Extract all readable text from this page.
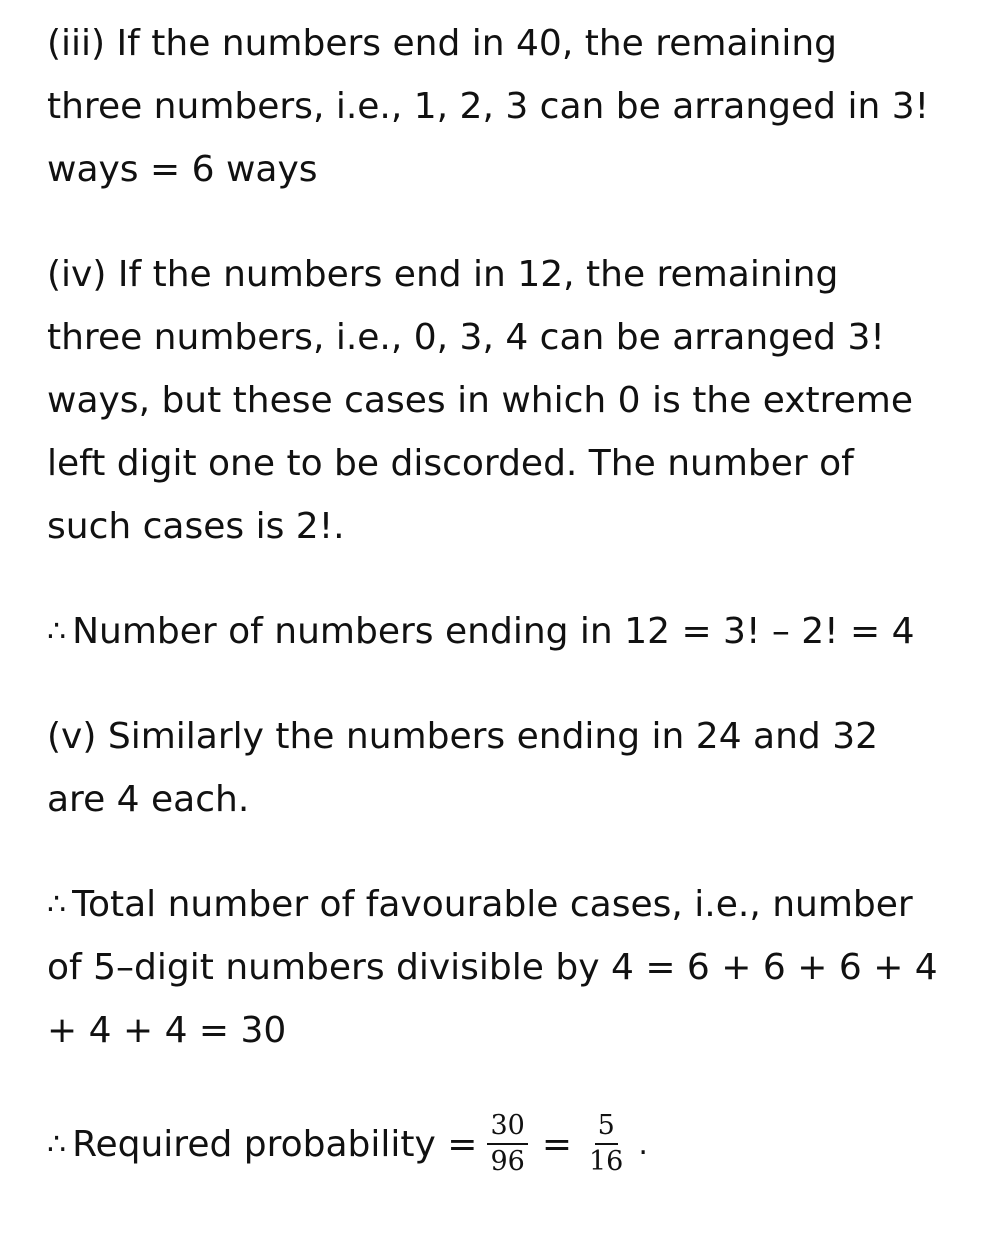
(iii) If the numbers end in 40, the remaining
three numbers, i.e., 1, 2, 3 can be arranged in 3!
ways = 6 ways
(iv) If the numbers end in 12, the remaining
three numbers, i.e., 0, 3, 4 can be arranged 3!
ways, but these cases in which 0 is the extreme
left digit one to be discorded. The number of
such cases is 2!.
∴ Number of numbers ending in 12 = 3! – 2! = 4
(v) Similarly the numbers ending in 24 and 32
are 4 each.
∴ Total number of favourable cases, i.e., number
of 5–digit numbers divisible by 4 = 6 + 6 + 6 + 4
+ 4 + 4 = 30
∴ Required probability = $\frac{30}{96} = \frac{5}{16}$ .
